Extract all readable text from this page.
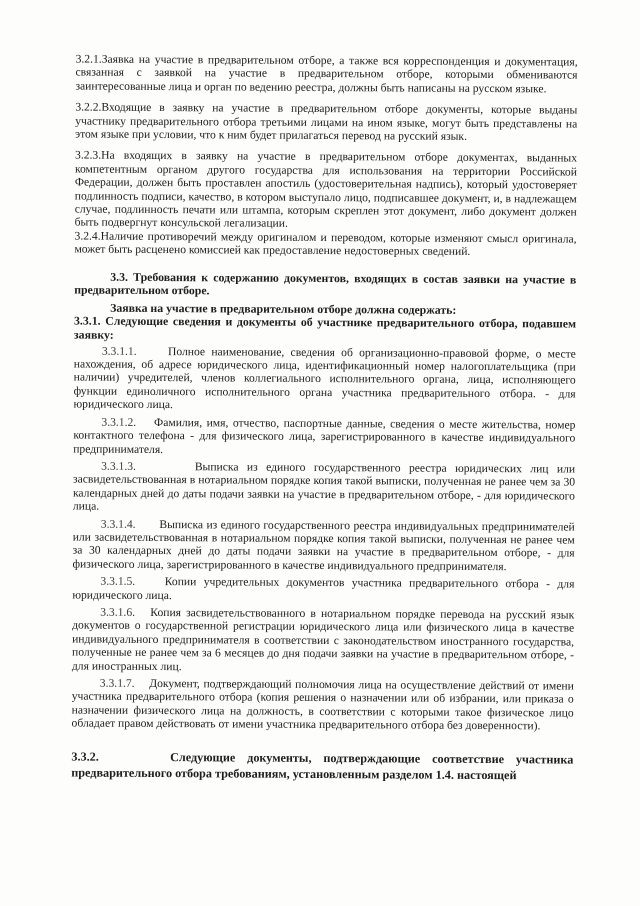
3.2.1.Заявка на участие в предварительном отборе, а также вся корреспонденция и документация, связанная с заявкой на участие в предварительном отборе, которыми обмениваются заинтересованные лица и орган по ведению реестра, должны быть написаны на русском языке.

3.2.2.Входящие в заявку на участие в предварительном отборе документы, которые выданы участнику предварительного отбора третьими лицами на ином языке, могут быть представлены на этом языке при условии, что к ним будет прилагаться перевод на русский язык.

3.2.3.На входящих в заявку на участие в предварительном отборе документах, выданных компетентным органом другого государства для использования на территории Российской Федерации, должен быть проставлен апостиль (удостоверительная надпись), который удостоверяет подлинность подписи, качество, в котором выступало лицо, подписавшее документ, и, в надлежащем случае, подлинность печати или штампа, которым скреплен этот документ, либо документ должен быть подвергнут консульской легализации.

3.2.4.Наличие противоречий между оригиналом и переводом, которые изменяют смысл оригинала, может быть расценено комиссией как предоставление недостоверных сведений.

3.3. Требования к содержанию документов, входящих в состав заявки на участие в предварительном отборе.

Заявка на участие в предварительном отборе должна содержать:

3.3.1. Следующие сведения и документы об участнике предварительного отбора, подавшем заявку:

3.3.1.1.	Полное наименование, сведения об организационно-правовой форме, о месте нахождения, об адресе юридического лица, идентификационный номер налогоплательщика (при наличии) учредителей, членов коллегиального исполнительного органа, лица, исполняющего функции единоличного исполнительного органа участника предварительного отбора. - для юридического лица.

3.3.1.2. Фамилия, имя, отчество, паспортные данные, сведения о месте жительства, номер контактного телефона - для физического лица, зарегистрированного в качестве индивидуального предпринимателя.

3.3.1.3.	Выписка из единого государственного реестра юридических лиц или засвидетельствованная в нотариальном порядке копия такой выписки, полученная не ранее чем за 30 календарных дней до даты подачи заявки на участие в предварительном отборе, - для юридического лица.

3.3.1.4. Выписка из единого государственного реестра индивидуальных предпринимателей или засвидетельствованная в нотариальном порядке копия такой выписки, полученная не ранее чем за 30 календарных дней до даты подачи заявки на участие в предварительном отборе, - для физического лица, зарегистрированного в качестве индивидуального предпринимателя.

3.3.1.5.	Копии учредительных документов участника предварительного отбора - для юридического лица.

3.3.1.6. Копия засвидетельствованного в нотариальном порядке перевода на русский язык документов о государственной регистрации юридического лица или физического лица в качестве индивидуального предпринимателя в соответствии с законодательством иностранного государства, полученные не ранее чем за 6 месяцев до дня подачи заявки на участие в предварительном отборе, - для иностранных лиц.

3.3.1.7. Документ, подтверждающий полномочия лица на осуществление действий от имени участника предварительного отбора (копия решения о назначении или об избрании, или приказа о назначении физического лица на должность, в соответствии с которыми такое физическое лицо обладает правом действовать от имени участника предварительного отбора без доверенности).

3.3.2.	Следующие документы, подтверждающие соответствие участника предварительного отбора требованиям, установленным разделом 1.4. настоящей
